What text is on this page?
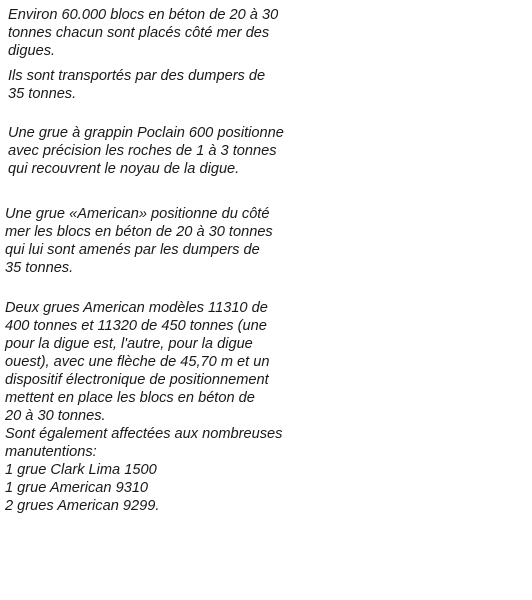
Environ 60.000 blocs en béton de 20 à 30
tonnes chacun sont placés côté mer des
digues.
Ils sont transportés par des dumpers de
35 tonnes.
Une grue à grappin Poclain 600 positionne
avec précision les roches de 1 à 3 tonnes
qui recouvrent le noyau de la digue.
Une grue «American» positionne du côté
mer les blocs en béton de 20 à 30 tonnes
qui lui sont amenés par les dumpers de
35 tonnes.
Deux grues American modèles 11310 de
400 tonnes et 11320 de 450 tonnes (une
pour la digue est, l'autre, pour la digue
ouest), avec une flèche de 45,70 m et un
dispositif électronique de positionnement
mettent en place les blocs en béton de
20 à 30 tonnes.
Sont également affectées aux nombreuses
manutentions:
1 grue Clark Lima 1500
1 grue American 9310
2 grues American 9299.
